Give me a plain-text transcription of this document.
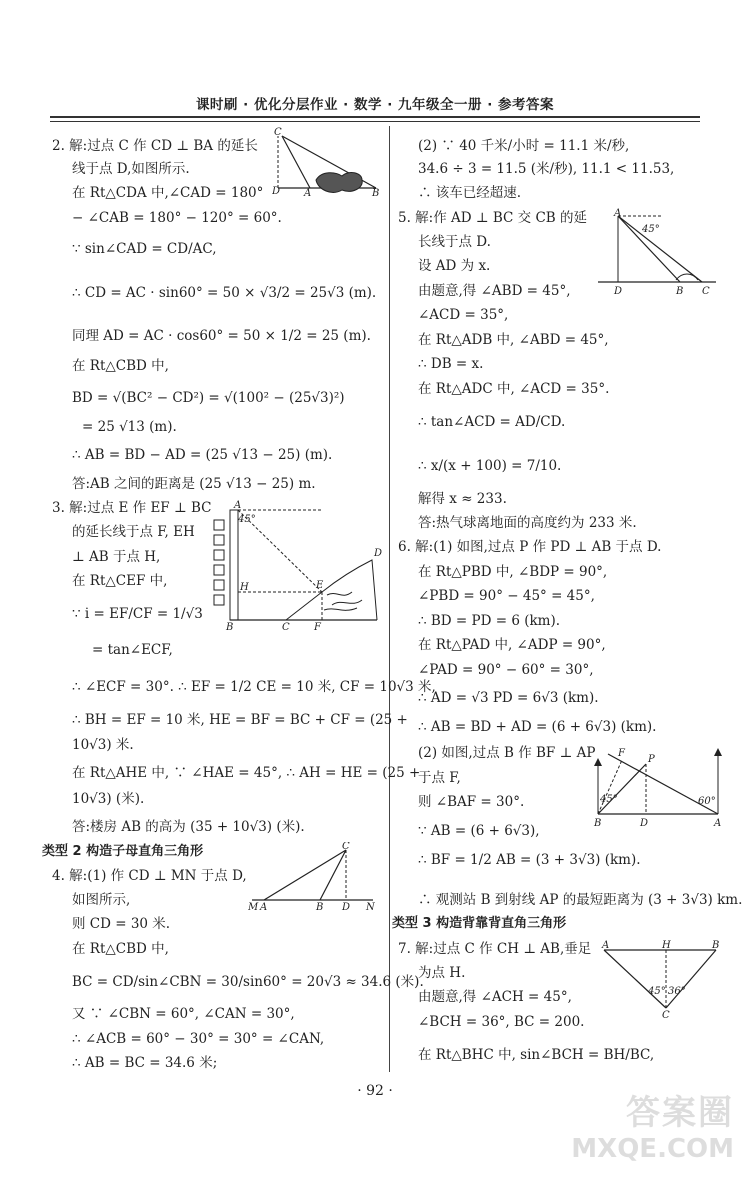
课时刷 · 优化分层作业 · 数学 · 九年级全一册 · 参考答案
2. 解:过点 C 作 CD ⊥ BA 的延长
线于点 D,如图所示.
在 Rt△CDA 中,∠CAD = 180°
− ∠CAB = 180° − 120° = 60°.
∵ sin∠CAD = CD/AC,
∴ CD = AC · sin60° = 50 × √3/2 = 25√3 (m).
同理 AD = AC · cos60° = 50 × 1/2 = 25 (m).
在 Rt△CBD 中,
BD = √(BC² − CD²) = √(100² − (25√3)²)
= 25 √13 (m).
∴ AB = BD − AD = (25 √13 − 25) (m).
答:AB 之间的距离是 (25 √13 − 25) m.
3. 解:过点 E 作 EF ⊥ BC
的延长线于点 F, EH
⊥ AB 于点 H,
在 Rt△CEF 中,
∵ i = EF/CF = 1/√3
= tan∠ECF,
∴ ∠ECF = 30°. ∴ EF = 1/2 CE = 10 米, CF = 10√3 米,
∴ BH = EF = 10 米, HE = BF = BC + CF = (25 +
10√3) 米.
在 Rt△AHE 中, ∵ ∠HAE = 45°, ∴ AH = HE = (25 +
10√3) (米).
答:楼房 AB 的高为 (35 + 10√3) (米).
类型 2 构造子母直角三角形
4. 解:(1) 作 CD ⊥ MN 于点 D,
如图所示,
则 CD = 30 米.
在 Rt△CBD 中,
BC = CD/sin∠CBN = 30/sin60° = 20√3 ≈ 34.6 (米).
又 ∵ ∠CBN = 60°, ∠CAN = 30°,
∴ ∠ACB = 60° − 30° = 30° = ∠CAN,
∴ AB = BC = 34.6 米;
(2) ∵ 40 千米/小时 = 11.1 米/秒,
34.6 ÷ 3 = 11.5 (米/秒), 11.1 < 11.53,
∴ 该车已经超速.
5. 解:作 AD ⊥ BC 交 CB 的延
长线于点 D.
设 AD 为 x.
由题意,得 ∠ABD = 45°,
∠ACD = 35°,
在 Rt△ADB 中, ∠ABD = 45°,
∴ DB = x.
在 Rt△ADC 中, ∠ACD = 35°.
∴ tan∠ACD = AD/CD.
∴ x/(x + 100) = 7/10.
解得 x ≈ 233.
答:热气球离地面的高度约为 233 米.
6. 解:(1) 如图,过点 P 作 PD ⊥ AB 于点 D.
在 Rt△PBD 中, ∠BDP = 90°,
∠PBD = 90° − 45° = 45°,
∴ BD = PD = 6 (km).
在 Rt△PAD 中, ∠ADP = 90°,
∠PAD = 90° − 60° = 30°,
∴ AD = √3 PD = 6√3 (km).
∴ AB = BD + AD = (6 + 6√3) (km).
(2) 如图,过点 B 作 BF ⊥ AP
于点 F,
则 ∠BAF = 30°.
∵ AB = (6 + 6√3),
∴ BF = 1/2 AB = (3 + 3√3) (km).
∴ 观测站 B 到射线 AP 的最短距离为 (3 + 3√3) km.
类型 3 构造背靠背直角三角形
7. 解:过点 C 作 CH ⊥ AB,垂足
为点 H.
由题意,得 ∠ACH = 45°,
∠BCH = 36°, BC = 200.
在 Rt△BHC 中, sin∠BCH = BH/BC,
C
D A	B
A
45°
H
B	C F
E
D
C
M A	B D N
A
45°
D	B C
F
P
45°	60°
B	D	A
A	H	B
45° 36°
C
· 92 ·
答案圈
MXQE.COM
